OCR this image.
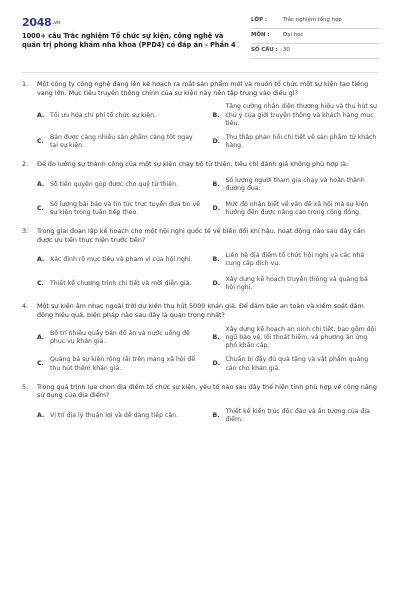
$2048^{.vn}$
1000+ câu Trắc nghiệm Tổ chức sự kiện, công nghệ và quản trị phòng khám nha khoa (PPD4) có đáp án - Phần 4
LỚP :	Trắc nghiệm tổng hợp
MÔN :	Đại học
SỐ CÂU : 30
1.	Một công ty công nghệ đang lên kế hoạch ra mắt sản phẩm mới và muốn tổ chức một sự kiện tạo tiếng vang lớn. Mục tiêu truyền thông chính của sự kiện này nên tập trung vào điều gì?
A. Tối ưu hóa chi phí tổ chức sự kiện.	B.
Tăng cường nhận diện thương hiệu và thu hút sự chú ý của giới truyền thông và khách hàng mục tiêu.
C.
Bán được càng nhiều sản phẩm càng tốt ngay tại sự kiện.
D.
Thu thập phản hồi chi tiết về sản phẩm từ khách hàng.
2.	Để đo lường sự thành công của một sự kiện chạy bộ từ thiện, tiêu chí đánh giá không phù hợp là:
A. Số tiền quyên góp được cho quỹ từ thiện.	B.
Số lượng người tham gia chạy và hoàn thành đường đua.
C.
Số lượng bài báo và tin tức trực tuyến đưa tin về sự kiện trong tuần tiếp theo.
D.
Mức độ nhận biết về vấn đề xã hội mà sự kiện hướng đến được nâng cao trong cộng đồng.
3.	Trong giai đoạn lập kế hoạch cho một hội nghị quốc tế về biến đổi khí hậu, hoạt động nào sau đây cần được ưu tiên thực hiện trước tiên?
A. Xác định rõ mục tiêu và phạm vi của hội nghị.	B.
Liên hệ địa điểm tổ chức hội nghị và các nhà cung cấp dịch vụ.
C. Thiết kế chương trình chi tiết và mời diễn giả.	D.
Xây dựng kế hoạch truyền thông và quảng bá hội nghị.
4.	Một sự kiện âm nhạc ngoài trời dự kiến thu hút 5000 khán giả. Để đảm bảo an toàn và kiểm soát đám đông hiệu quả, biện pháp nào sau đây là quan trọng nhất?
A.
Bố trí nhiều quầy bán đồ ăn và nước uống để phục vụ khán giả.
B.
Xây dựng kế hoạch an ninh chi tiết, bao gồm đội ngũ bảo vệ, lối thoát hiểm, và phương án ứng phó khẩn cấp.
C.
Quảng bá sự kiện rộng rãi trên mạng xã hội để thu hút thêm khán giả.
D.
Chuẩn bị đầy đủ quà tặng và vật phẩm quảng cáo cho khán giả.
5.	Trong quá trình lựa chọn địa điểm tổ chức sự kiện, yếu tố nào sau đây thể hiện tính phù hợp về công năng sử dụng của địa điểm?
A. Vị trí địa lý thuận lợi và dễ dàng tiếp cận.	B.
Thiết kế kiến trúc độc đáo và ấn tượng của địa điểm.
